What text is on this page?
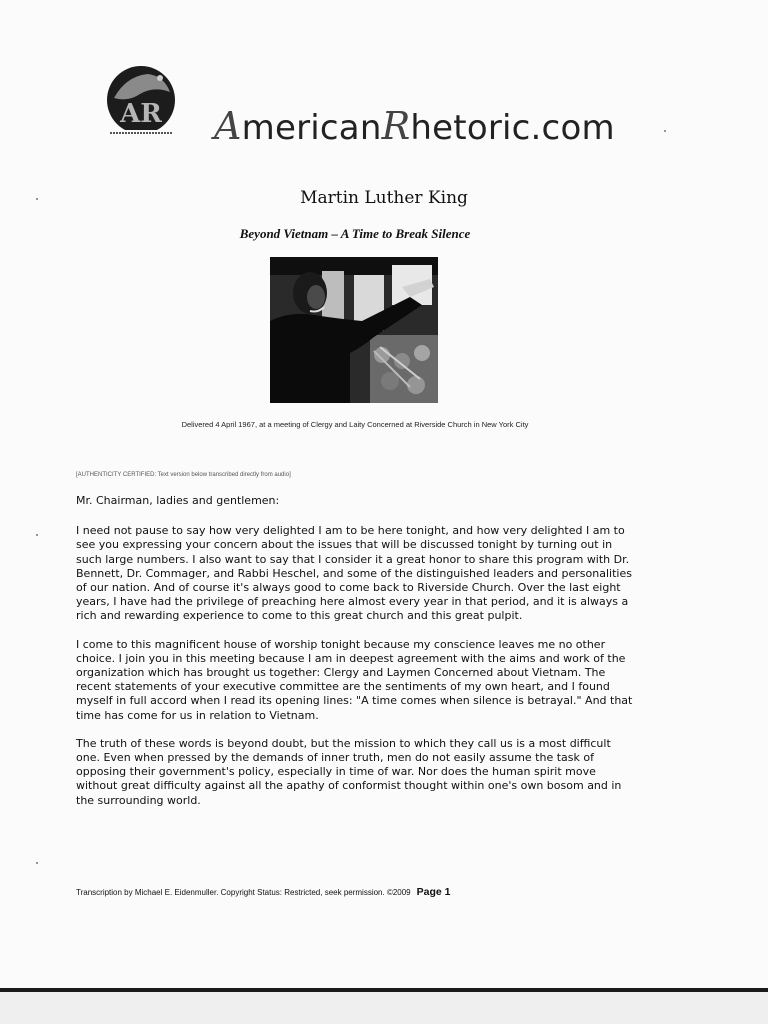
AR AmericanRhetoric.com
Martin Luther King
Beyond Vietnam – A Time to Break Silence
Delivered 4 April 1967, at a meeting of Clergy and Laity Concerned at Riverside Church in New York City
[AUTHENTICITY CERTIFIED: Text version below transcribed directly from audio]

Mr. Chairman, ladies and gentlemen:

I need not pause to say how very delighted I am to be here tonight, and how very delighted I am to see you expressing your concern about the issues that will be discussed tonight by turning out in such large numbers. I also want to say that I consider it a great honor to share this program with Dr. Bennett, Dr. Commager, and Rabbi Heschel, and some of the distinguished leaders and personalities of our nation. And of course it's always good to come back to Riverside Church. Over the last eight years, I have had the privilege of preaching here almost every year in that period, and it is always a rich and rewarding experience to come to this great church and this great pulpit.

I come to this magnificent house of worship tonight because my conscience leaves me no other choice. I join you in this meeting because I am in deepest agreement with the aims and work of the organization which has brought us together: Clergy and Laymen Concerned about Vietnam. The recent statements of your executive committee are the sentiments of my own heart, and I found myself in full accord when I read its opening lines: "A time comes when silence is betrayal." And that time has come for us in relation to Vietnam.

The truth of these words is beyond doubt, but the mission to which they call us is a most difficult one. Even when pressed by the demands of inner truth, men do not easily assume the task of opposing their government's policy, especially in time of war. Nor does the human spirit move without great difficulty against all the apathy of conformist thought within one's own bosom and in the surrounding world.

Transcription by Michael E. Eidenmuller. Copyright Status: Restricted, seek permission. ©2009 Page 1
